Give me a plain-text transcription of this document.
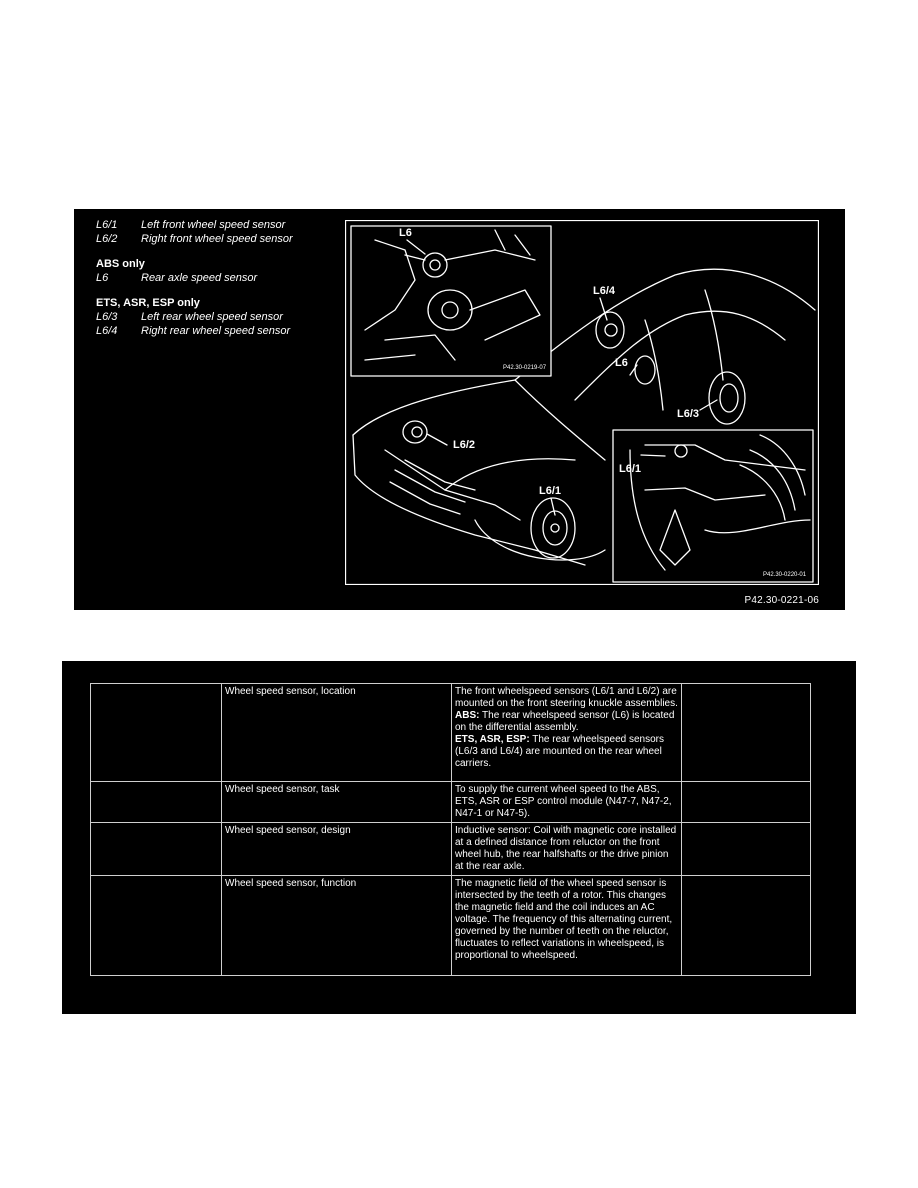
L6/1	Left front wheel speed sensor
L6/2	Right front wheel speed sensor
ABS only
L6	Rear axle speed sensor
ETS, ASR, ESP only
L6/3	Left rear wheel speed sensor
L6/4	Right rear wheel speed sensor
L6
L6/4
L6
L6/3
L6/2
L6/1
L6/1
P42.30-0219-07
P42.30-0220-01
P42.30-0221-06
	Wheel speed sensor, location	The front wheelspeed sensors (L6/1 and L6/2) are mounted on the front steering knuckle assemblies.
ABS: The rear wheelspeed sensor (L6) is located on the differential assembly.
ETS, ASR, ESP: The rear wheelspeed sensors (L6/3 and L6/4) are mounted on the rear wheel carriers.	

	Wheel speed sensor, task	To supply the current wheel speed to the ABS, ETS, ASR or ESP control module (N47-7, N47-2, N47-1 or N47-5).	

	Wheel speed sensor, design	Inductive sensor: Coil with magnetic core installed at a defined distance from reluctor on the front wheel hub, the rear halfshafts or the drive pinion at the rear axle.	

	Wheel speed sensor, function	The magnetic field of the wheel speed sensor is intersected by the teeth of a rotor. This changes the magnetic field and the coil induces an AC voltage. The frequency of this alternating current, governed by the number of teeth on the reluctor, fluctuates to reflect variations in wheelspeed, is proportional to wheelspeed.	
